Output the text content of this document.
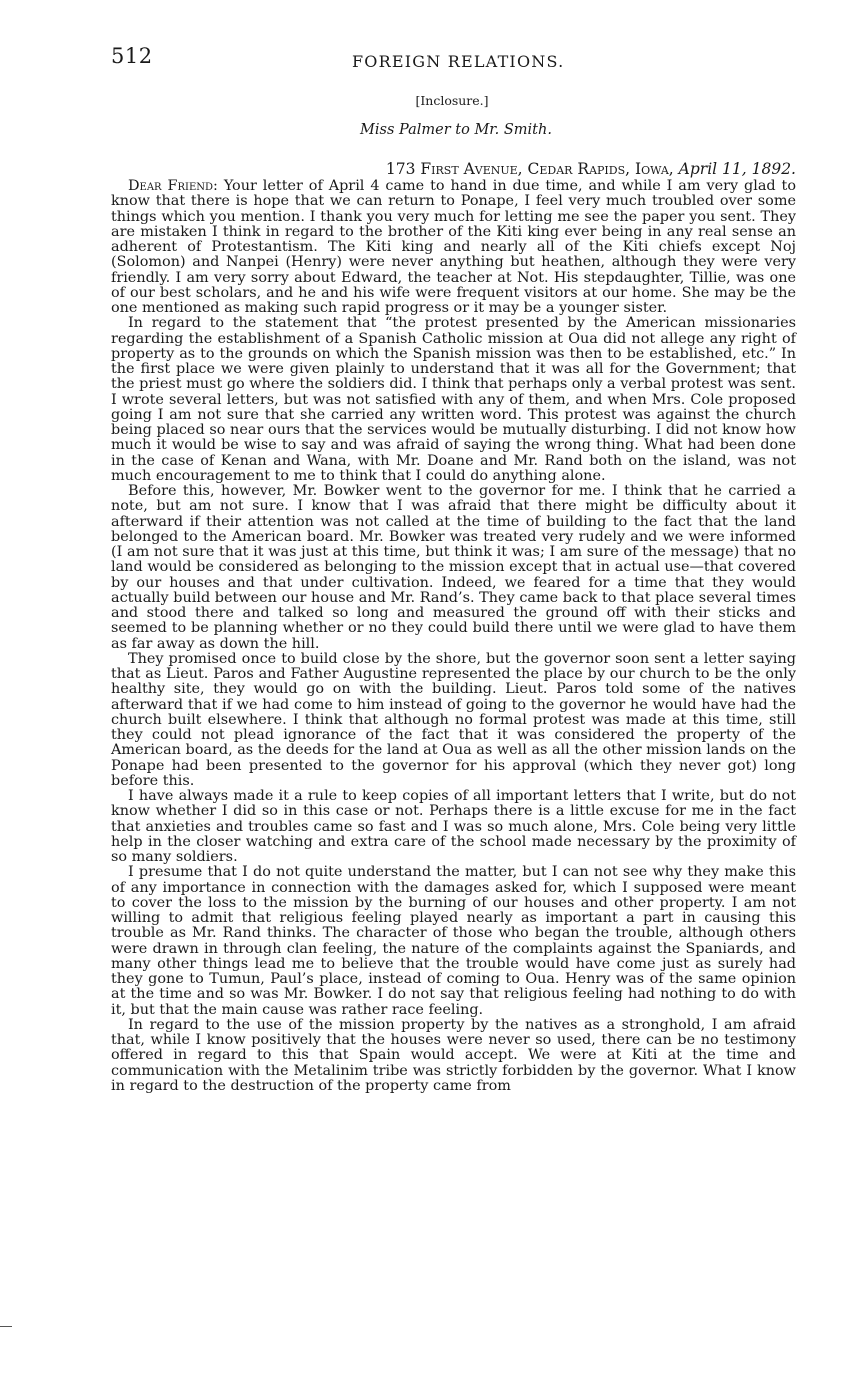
512	FOREIGN RELATIONS.
[Inclosure.]
Miss Palmer to Mr. Smith.
173 First Avenue, Cedar Rapids, Iowa, April 11, 1892.

Dear Friend: Your letter of April 4 came to hand in due time, and while I am very glad to know that there is hope that we can return to Ponape, I feel very much troubled over some things which you mention. I thank you very much for letting me see the paper you sent. They are mistaken I think in regard to the brother of the Kiti king ever being in any real sense an adherent of Protestantism. The Kiti king and nearly all of the Kiti chiefs except Noj (Solomon) and Nanpei (Henry) were never anything but heathen, although they were very friendly. I am very sorry about Edward, the teacher at Not. His stepdaughter, Tillie, was one of our best scholars, and he and his wife were frequent visitors at our home. She may be the one mentioned as making such rapid progress or it may be a younger sister.

In regard to the statement that “the protest presented by the American missionaries regarding the establishment of a Spanish Catholic mission at Oua did not allege any right of property as to the grounds on which the Spanish mission was then to be established, etc.” In the first place we were given plainly to understand that it was all for the Government; that the priest must go where the soldiers did. I think that perhaps only a verbal protest was sent. I wrote several letters, but was not satisfied with any of them, and when Mrs. Cole proposed going I am not sure that she carried any written word. This protest was against the church being placed so near ours that the services would be mutually disturbing. I did not know how much it would be wise to say and was afraid of saying the wrong thing. What had been done in the case of Kenan and Wana, with Mr. Doane and Mr. Rand both on the island, was not much encouragement to me to think that I could do anything alone.

Before this, however, Mr. Bowker went to the governor for me. I think that he carried a note, but am not sure. I know that I was afraid that there might be difficulty about it afterward if their attention was not called at the time of building to the fact that the land belonged to the American board. Mr. Bowker was treated very rudely and we were informed (I am not sure that it was just at this time, but think it was; I am sure of the message) that no land would be considered as belonging to the mission except that in actual use—that covered by our houses and that under cultivation. Indeed, we feared for a time that they would actually build between our house and Mr. Rand’s. They came back to that place several times and stood there and talked so long and measured the ground off with their sticks and seemed to be planning whether or no they could build there until we were glad to have them as far away as down the hill.

They promised once to build close by the shore, but the governor soon sent a letter saying that as Lieut. Paros and Father Augustine represented the place by our church to be the only healthy site, they would go on with the building. Lieut. Paros told some of the natives afterward that if we had come to him instead of going to the governor he would have had the church built elsewhere. I think that although no formal protest was made at this time, still they could not plead ignorance of the fact that it was considered the property of the American board, as the deeds for the land at Oua as well as all the other mission lands on the Ponape had been presented to the governor for his approval (which they never got) long before this.

I have always made it a rule to keep copies of all important letters that I write, but do not know whether I did so in this case or not. Perhaps there is a little excuse for me in the fact that anxieties and troubles came so fast and I was so much alone, Mrs. Cole being very little help in the closer watching and extra care of the school made necessary by the proximity of so many soldiers.

I presume that I do not quite understand the matter, but I can not see why they make this of any importance in connection with the damages asked for, which I supposed were meant to cover the loss to the mission by the burning of our houses and other property. I am not willing to admit that religious feeling played nearly as important a part in causing this trouble as Mr. Rand thinks. The character of those who began the trouble, although others were drawn in through clan feeling, the nature of the complaints against the Spaniards, and many other things lead me to believe that the trouble would have come just as surely had they gone to Tumun, Paul’s place, instead of coming to Oua. Henry was of the same opinion at the time and so was Mr. Bowker. I do not say that religious feeling had nothing to do with it, but that the main cause was rather race feeling.

In regard to the use of the mission property by the natives as a stronghold, I am afraid that, while I know positively that the houses were never so used, there can be no testimony offered in regard to this that Spain would accept. We were at Kiti at the time and communication with the Metalinim tribe was strictly forbidden by the governor. What I know in regard to the destruction of the property came from
